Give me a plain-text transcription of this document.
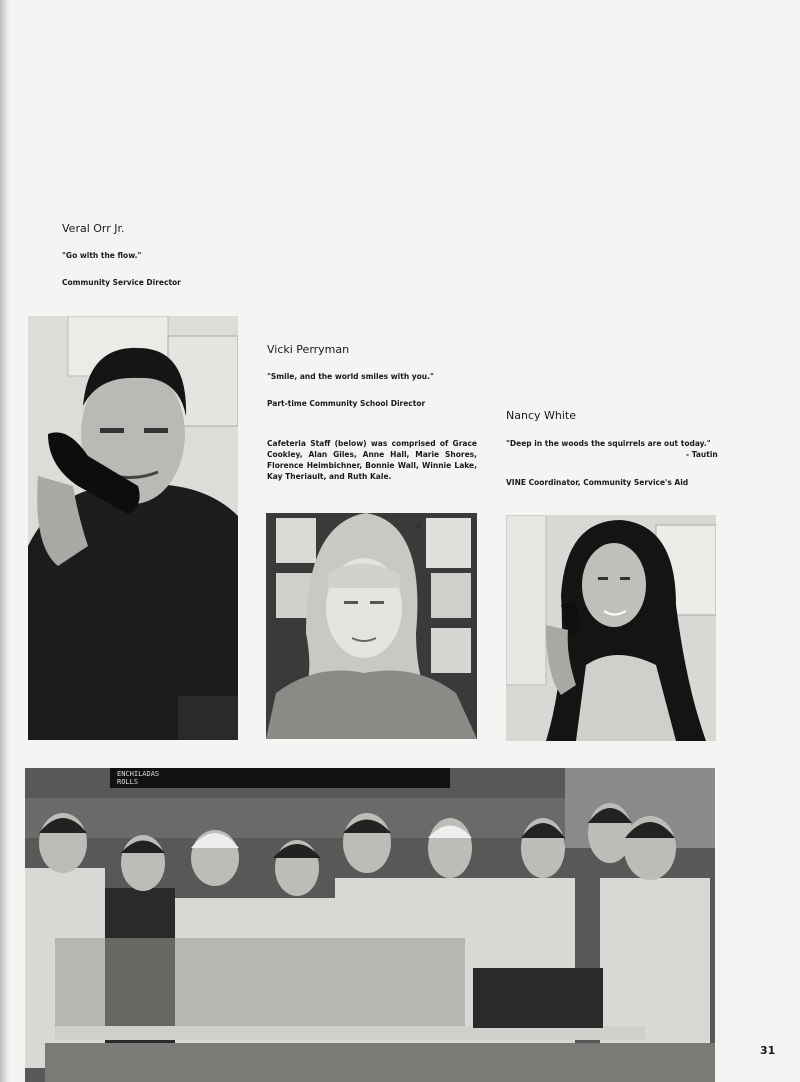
Veral Orr Jr.
"Go with the flow."
Community Service Director
Vicki Perryman
"Smile, and the world smiles with you."
Part-time Community School Director
Cafeteria Staff (below) was comprised of Grace Cookley, Alan Giles, Anne Hall, Marie Shores, Florence Heimbichner, Bonnie Wall, Winnie Lake, Kay Theriault, and Ruth Kale.
Nancy White
"Deep in the woods the squirrels are out today."
- Tautin
VINE Coordinator, Community Service's Aid
ENCHILADAS
ROLLS
31
